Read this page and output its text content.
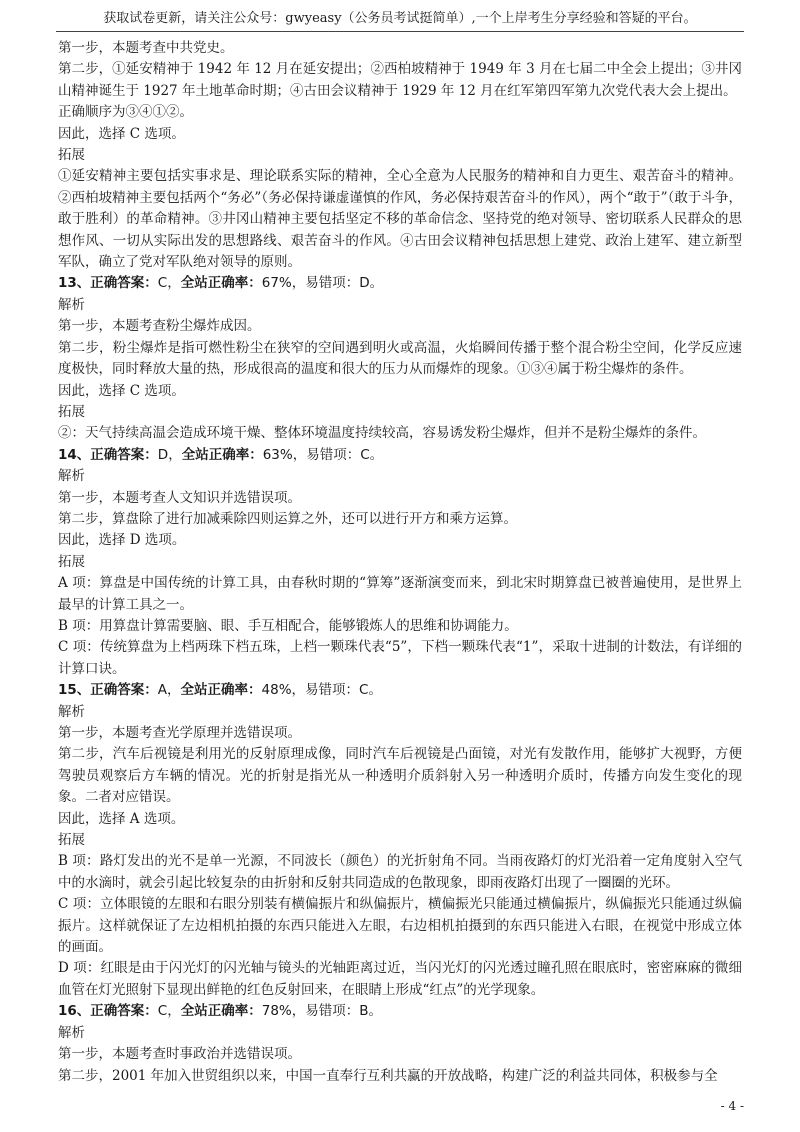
获取试卷更新，请关注公众号：gwyeasy（公务员考试挺简单）,一个上岸考生分享经验和答疑的平台。

第一步，本题考查中共党史。

第二步，①延安精神于 1942 年 12 月在延安提出；②西柏坡精神于 1949 年 3 月在七届二中全会上提出；③井冈山精神诞生于 1927 年土地革命时期；④古田会议精神于 1929 年 12 月在红军第四军第九次党代表大会上提出。

正确顺序为③④①②。

因此，选择 C 选项。

拓展

①延安精神主要包括实事求是、理论联系实际的精神，全心全意为人民服务的精神和自力更生、艰苦奋斗的精神。②西柏坡精神主要包括两个“务必”（务必保持谦虚谨慎的作风，务必保持艰苦奋斗的作风），两个“敢于”（敢于斗争，敢于胜利）的革命精神。③井冈山精神主要包括坚定不移的革命信念、坚持党的绝对领导、密切联系人民群众的思想作风、一切从实际出发的思想路线、艰苦奋斗的作风。④古田会议精神包括思想上建党、政治上建军、建立新型军队，确立了党对军队绝对领导的原则。

13、正确答案：C，全站正确率：67%，易错项：D。

解析

第一步，本题考查粉尘爆炸成因。

第二步，粉尘爆炸是指可燃性粉尘在狭窄的空间遇到明火或高温，火焰瞬间传播于整个混合粉尘空间，化学反应速度极快，同时释放大量的热，形成很高的温度和很大的压力从而爆炸的现象。①③④属于粉尘爆炸的条件。

因此，选择 C 选项。

拓展

②：天气持续高温会造成环境干燥、整体环境温度持续较高，容易诱发粉尘爆炸，但并不是粉尘爆炸的条件。

14、正确答案：D，全站正确率：63%，易错项：C。

解析

第一步，本题考查人文知识并选错误项。

第二步，算盘除了进行加减乘除四则运算之外，还可以进行开方和乘方运算。

因此，选择 D 选项。

拓展

A 项：算盘是中国传统的计算工具，由春秋时期的“算筹”逐渐演变而来，到北宋时期算盘已被普遍使用，是世界上最早的计算工具之一。

B 项：用算盘计算需要脑、眼、手互相配合，能够锻炼人的思维和协调能力。

C 项：传统算盘为上档两珠下档五珠，上档一颗珠代表“5”，下档一颗珠代表“1”，采取十进制的计数法，有详细的计算口诀。

15、正确答案：A，全站正确率：48%，易错项：C。

解析

第一步，本题考查光学原理并选错误项。

第二步，汽车后视镜是利用光的反射原理成像，同时汽车后视镜是凸面镜，对光有发散作用，能够扩大视野，方便驾驶员观察后方车辆的情况。光的折射是指光从一种透明介质斜射入另一种透明介质时，传播方向发生变化的现象。二者对应错误。

因此，选择 A 选项。

拓展

B 项：路灯发出的光不是单一光源，不同波长（颜色）的光折射角不同。当雨夜路灯的灯光沿着一定角度射入空气中的水滴时，就会引起比较复杂的由折射和反射共同造成的色散现象，即雨夜路灯出现了一圈圈的光环。

C 项：立体眼镜的左眼和右眼分别装有横偏振片和纵偏振片，横偏振光只能通过横偏振片，纵偏振光只能通过纵偏振片。这样就保证了左边相机拍摄的东西只能进入左眼，右边相机拍摄到的东西只能进入右眼，在视觉中形成立体的画面。

D 项：红眼是由于闪光灯的闪光轴与镜头的光轴距离过近，当闪光灯的闪光透过瞳孔照在眼底时，密密麻麻的微细血管在灯光照射下显现出鲜艳的红色反射回来，在眼睛上形成“红点”的光学现象。

16、正确答案：C，全站正确率：78%，易错项：B。

解析

第一步，本题考查时事政治并选错误项。

第二步，2001 年加入世贸组织以来，中国一直奉行互利共赢的开放战略，构建广泛的利益共同体，积极参与全

- 4 -
